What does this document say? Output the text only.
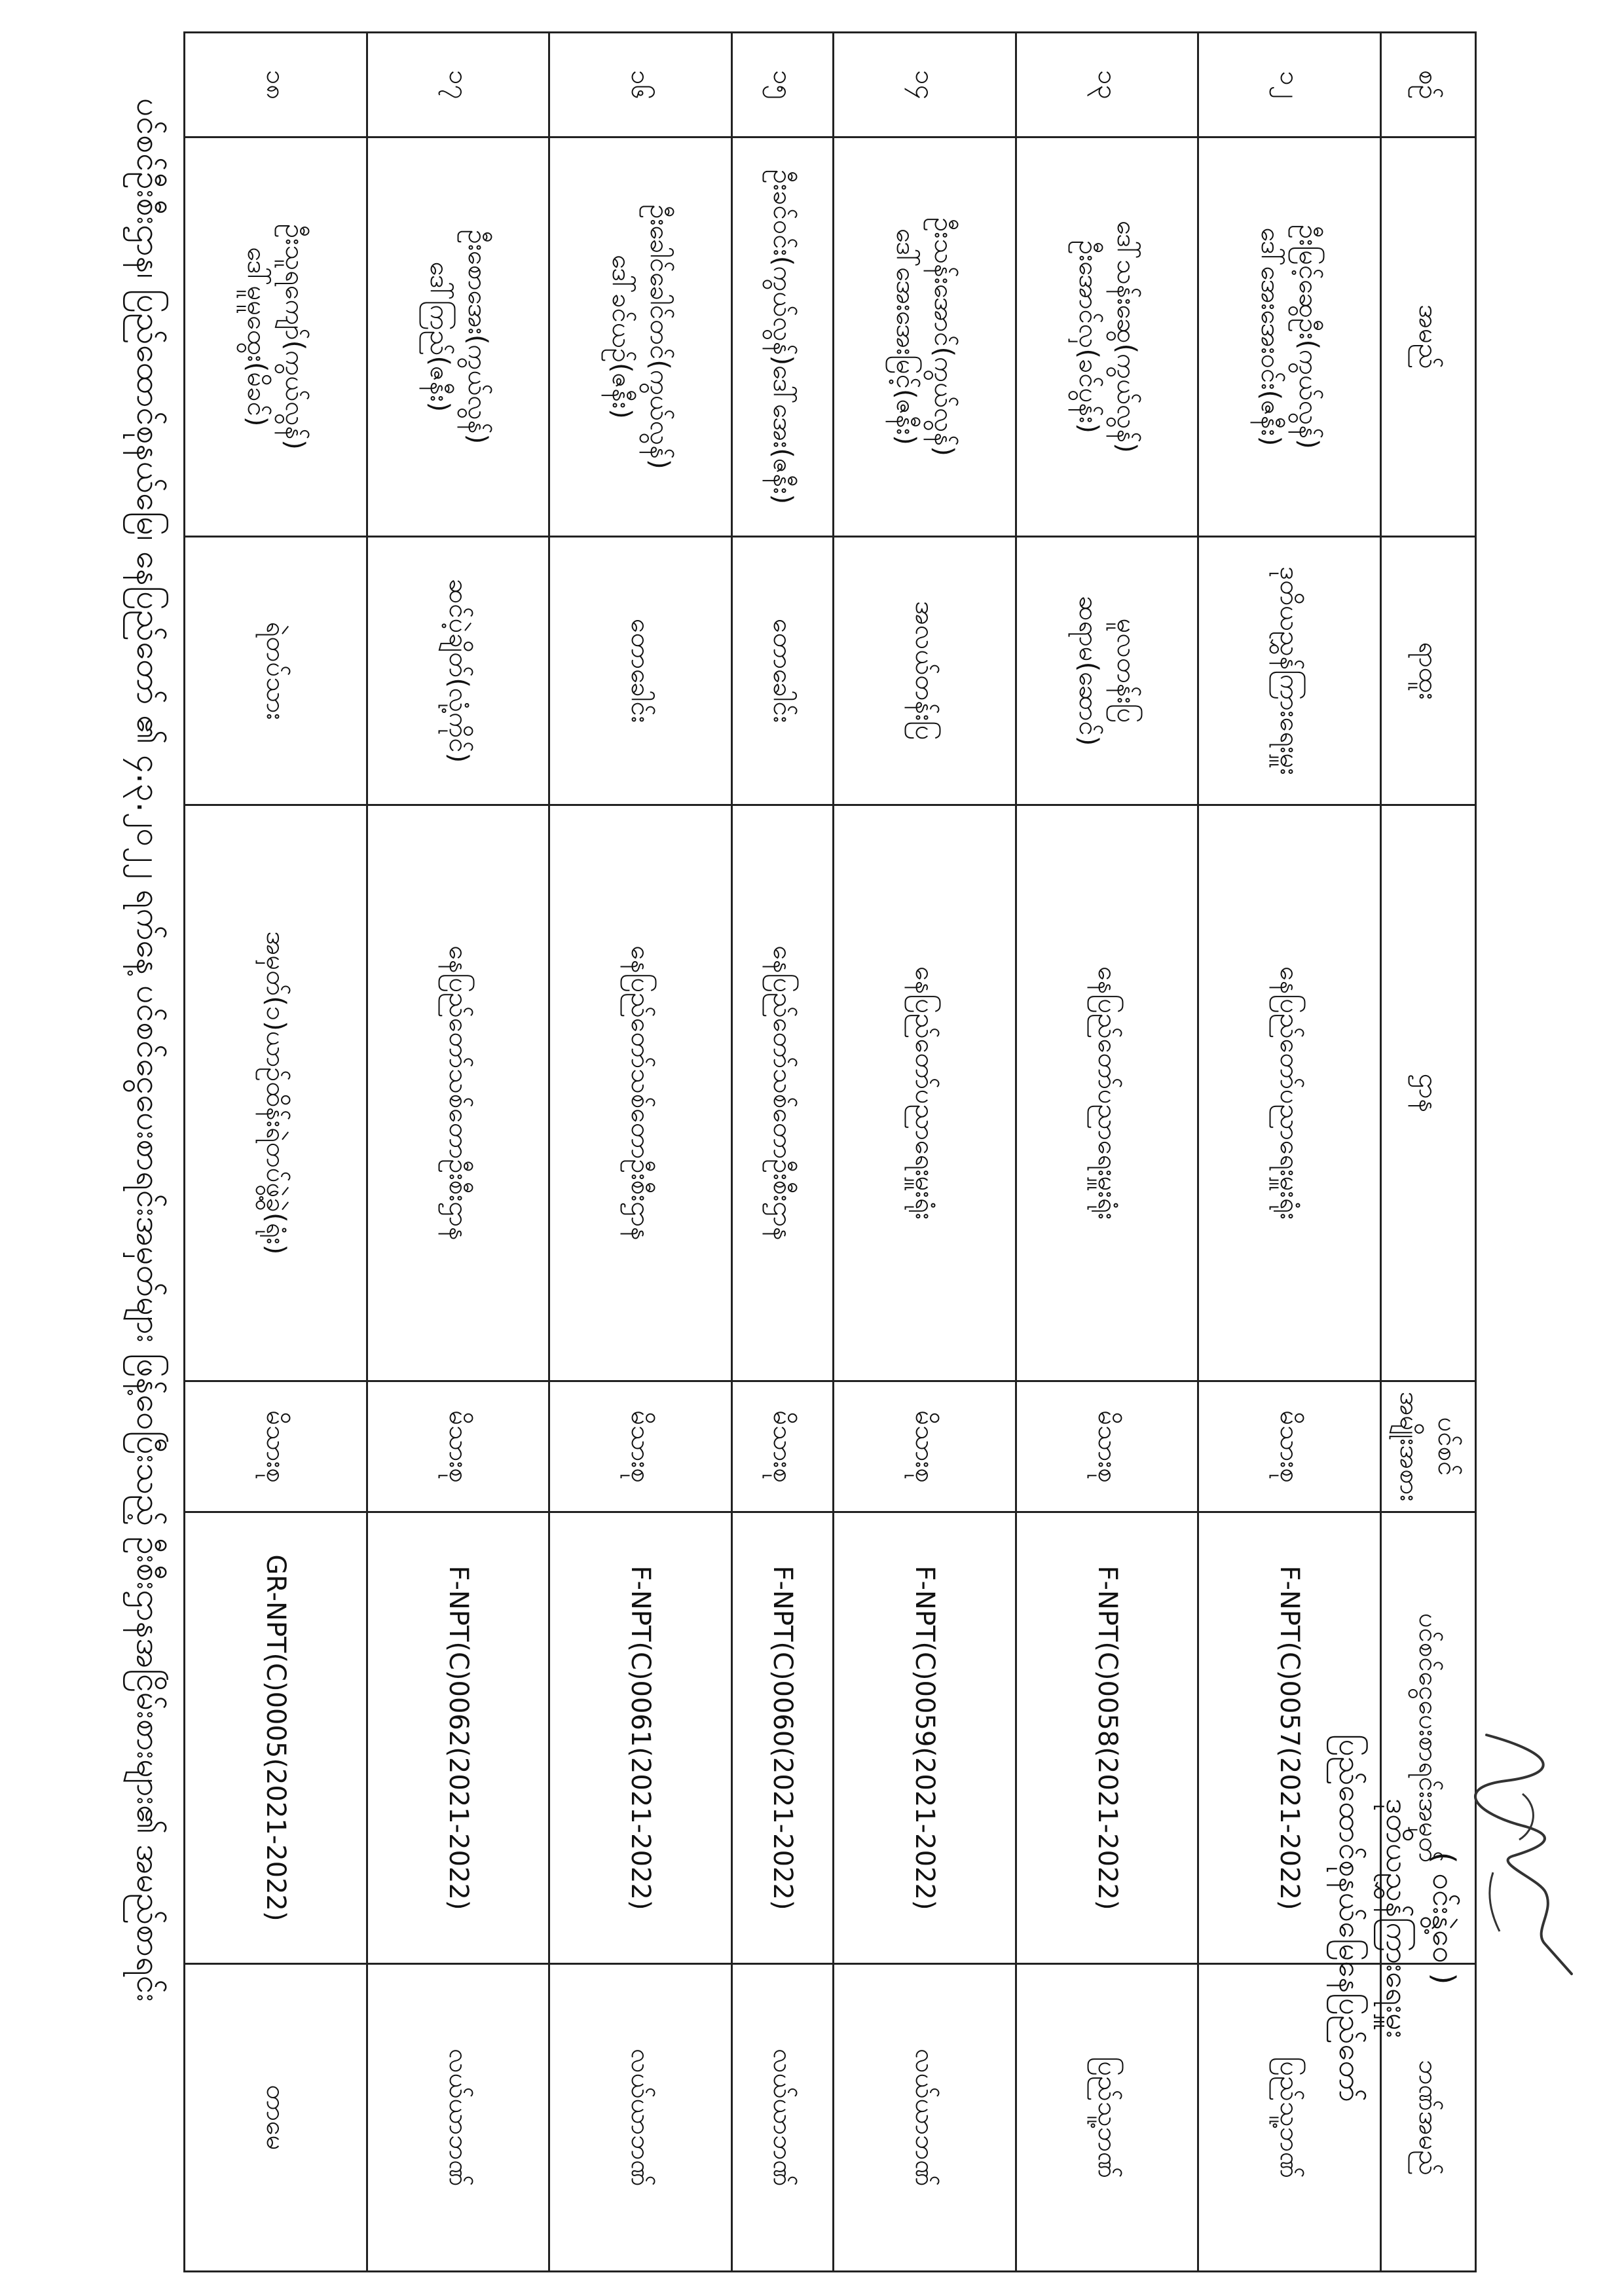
ပင်စင်ဦးစီးဌာန၊ ပြည်ထောင်စုနယ်မြေ၊ နေပြည်တော် ၏ ၄.၃.၂၀၂၂ ရက်နေ့ ပင်စင်ငွေပေးစာရင်းအမှတ်များ ဖြန့်ဝေပြီးသည့် ဦးစီးဌာနအငြိမ်းစားများ၏ အမည်စာရင်း
စဉ်	အမည်	ရာထူး	ဌာန	ပင်စင် အမျိုးအစား	ပင်စင်ငွေပေးစာရင်းအမှတ်	ဘဏ်အမည်
၁၂	ဦးမြင့်ဆွေဦး(ကွယ်လွန်)
ဒေါ်အေးအေးဝင်း(ဇနီး)	ဒုတိယညွှန်ကြားရေးမှူး	နေပြည်တော်ပညာရေးမှူးရုံး	မိသားစု	F-NPT(C)0057(2021-2022)	ပြည်သူ့ဘဏ်
၁၃	ဒေါ်သန်းဆွေ(ကွယ်လွန်)
ဦးအောင်လှ(ခင်ပွန်း)	မူလတန်းပြဆရာမ(ဆောင်)	နေပြည်တော်ပညာရေးမှူးရုံး	မိသားစု	F-NPT(C)0058(2021-2022)	ပြည်သူ့ဘဏ်
၁၄	ဦးသန်းအောင်(ကွယ်လွန်)
ဒေါ်အေးအေးမြင့်(ဇနီး)	အလယ်တန်းပြ	နေပြည်တော်ပညာရေးမှူးရုံး	မိသားစု	F-NPT(C)0059(2021-2022)	လယ်ယာဘဏ်
၁၅	ဦးခင်ဝင်း(ကွယ်လွန်)ဒေါ်အေး(ဇနီး)	တောခေါင်း	နေပြည်တော်သစ်တောဦးစီးဌာန	မိသားစု	F-NPT(C)0060(2021-2022)	လယ်ယာဘဏ်
၁၆	ဦးခေါင်ခေါင်တင်(ကွယ်လွန်)
ဒေါ်ခင်ယဉ်(ဇနီး)	တောခေါင်း	နေပြည်တော်သစ်တောဦးစီးဌာန	မိသားစု	F-NPT(C)0061(2021-2022)	လယ်ယာဘဏ်
၁၇	ဦးစောအေး(ကွယ်လွန်)
ဒေါ်ကြည်(ဇနီး)	ဆင်ပဲ့ချိတ်(လုံ့ကိုင်)	နေပြည်တော်သစ်တောဦးစီးဌာန	မိသားစု	F-NPT(C)0062(2021-2022)	လယ်ယာဘဏ်
၁၈	ဦးသူရကျော်(ကွယ်လွန်)
ဒေါ်မူမူထွေး(မိခင်)	ရဲတပ်သား	အမှတ်(၁)ယာဉ်ထိန်းရဲတပ်ဖွဲ့ခွဲ(ရုံး)	မိသားစု	GR-NPT(C)0005(2021-2022)	တာမေ
( ဝင်းနွဲ့ဝေ )
ဒုတိယညွှန်ကြားရေးမှူး
ပြည်ထောင်စုနယ်မြေနေပြည်တော်
